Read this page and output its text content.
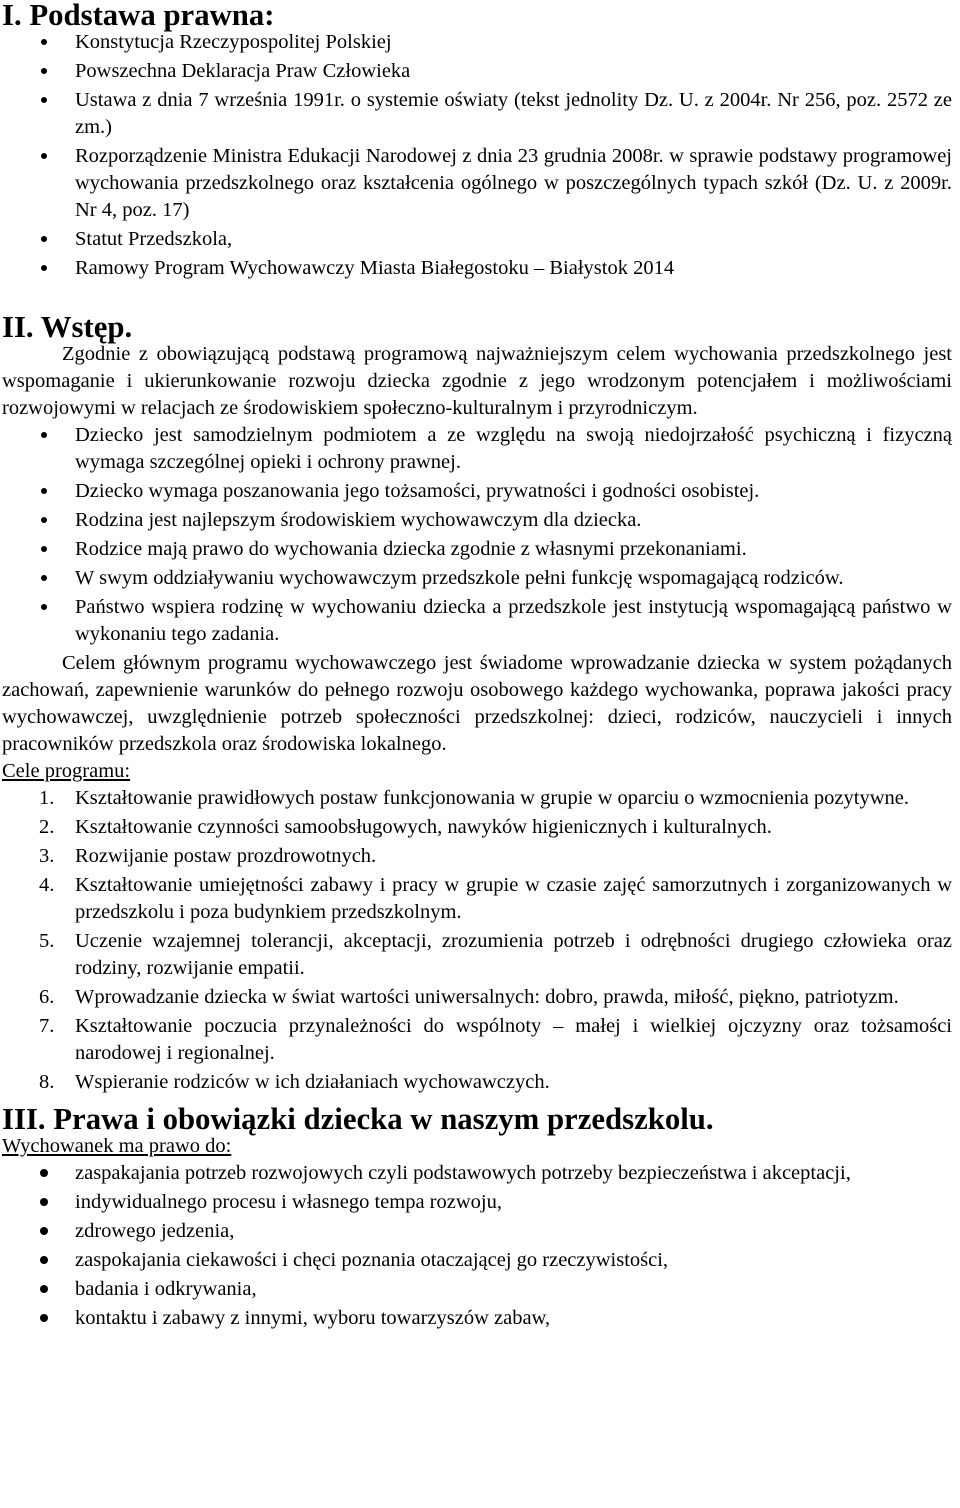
I. Podstawa prawna:
Konstytucja Rzeczypospolitej Polskiej
Powszechna Deklaracja Praw Człowieka
Ustawa z dnia 7 września 1991r. o systemie oświaty (tekst jednolity Dz. U. z 2004r. Nr 256, poz. 2572 ze zm.)
Rozporządzenie Ministra Edukacji Narodowej z dnia 23 grudnia 2008r. w sprawie podstawy programowej wychowania przedszkolnego oraz kształcenia ogólnego w poszczególnych typach szkół (Dz. U. z 2009r. Nr 4, poz. 17)
Statut Przedszkola,
Ramowy Program Wychowawczy Miasta Białegostoku – Białystok 2014
II. Wstęp.

Zgodnie z obowiązującą podstawą programową najważniejszym celem wychowania przedszkolnego jest wspomaganie i ukierunkowanie rozwoju dziecka zgodnie z jego wrodzonym potencjałem i możliwościami rozwojowymi w relacjach ze środowiskiem społeczno-kulturalnym i przyrodniczym.

Dziecko jest samodzielnym podmiotem a ze względu na swoją niedojrzałość psychiczną i fizyczną wymaga szczególnej opieki i ochrony prawnej.
Dziecko wymaga poszanowania jego tożsamości, prywatności i godności osobistej.
Rodzina jest najlepszym środowiskiem wychowawczym dla dziecka.
Rodzice mają prawo do wychowania dziecka zgodnie z własnymi przekonaniami.
W swym oddziaływaniu wychowawczym przedszkole pełni funkcję wspomagającą rodziców.
Państwo wspiera rodzinę w wychowaniu dziecka a przedszkole jest instytucją wspomagającą państwo w wykonaniu tego zadania.

Celem głównym programu wychowawczego jest świadome wprowadzanie dziecka w system pożądanych zachowań, zapewnienie warunków do pełnego rozwoju osobowego każdego wychowanka, poprawa jakości pracy wychowawczej, uwzględnienie potrzeb społeczności przedszkolnej: dzieci, rodziców, nauczycieli i innych pracowników przedszkola oraz środowiska lokalnego.

Cele programu:

1. Kształtowanie prawidłowych postaw funkcjonowania w grupie w oparciu o wzmocnienia pozytywne.
2. Kształtowanie czynności samoobsługowych, nawyków higienicznych i kulturalnych.
3. Rozwijanie postaw prozdrowotnych.
4. Kształtowanie umiejętności zabawy i pracy w grupie w czasie zajęć samorzutnych i zorganizowanych w przedszkolu i poza budynkiem przedszkolnym.
5. Uczenie wzajemnej tolerancji, akceptacji, zrozumienia potrzeb i odrębności drugiego człowieka oraz rodziny, rozwijanie empatii.
6. Wprowadzanie dziecka w świat wartości uniwersalnych: dobro, prawda, miłość, piękno, patriotyzm.
7. Kształtowanie poczucia przynależności do wspólnoty – małej i wielkiej ojczyzny oraz tożsamości narodowej i regionalnej.
8. Wspieranie rodziców w ich działaniach wychowawczych.
III. Prawa i obowiązki dziecka w naszym przedszkolu.

Wychowanek ma prawo do:

zaspakajania potrzeb rozwojowych czyli podstawowych potrzeby bezpieczeństwa i akceptacji,
indywidualnego procesu i własnego tempa rozwoju,
zdrowego jedzenia,
zaspokajania ciekawości i chęci poznania otaczającej go rzeczywistości,
badania i odkrywania,
kontaktu i zabawy z innymi, wyboru towarzyszów zabaw,
